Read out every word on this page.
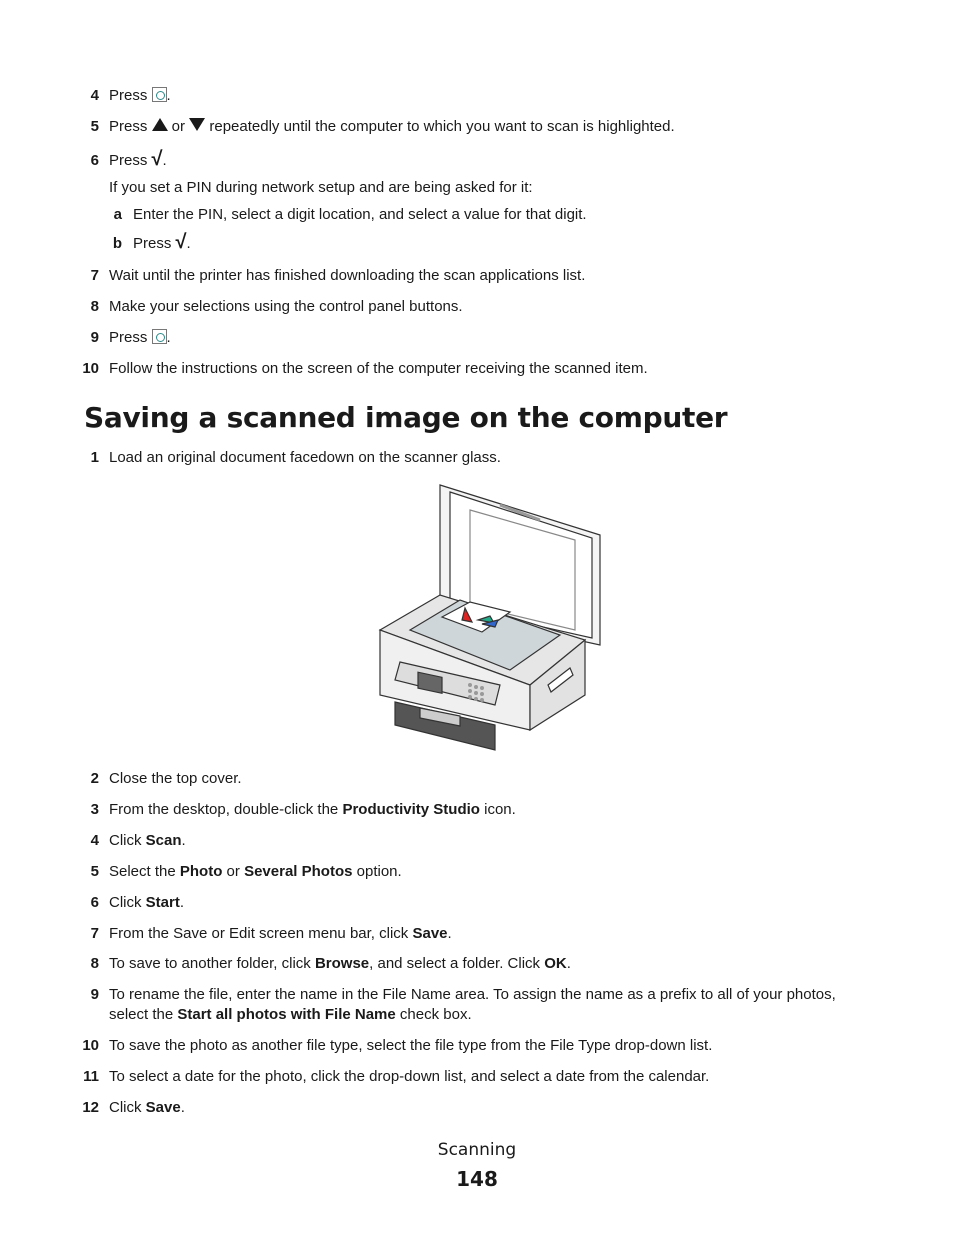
4 Press .
5 Press  or  repeatedly until the computer to which you want to scan is highlighted.
6 Press √.
If you set a PIN during network setup and are being asked for it:
a Enter the PIN, select a digit location, and select a value for that digit.
b Press √.
7 Wait until the printer has finished downloading the scan applications list.
8 Make your selections using the control panel buttons.
9 Press .
10 Follow the instructions on the screen of the computer receiving the scanned item.
Saving a scanned image on the computer
1 Load an original document facedown on the scanner glass.
2 Close the top cover.
3 From the desktop, double-click the Productivity Studio icon.
4 Click Scan.
5 Select the Photo or Several Photos option.
6 Click Start.
7 From the Save or Edit screen menu bar, click Save.
8 To save to another folder, click Browse, and select a folder. Click OK.
9 To rename the file, enter the name in the File Name area. To assign the name as a prefix to all of your photos, select the Start all photos with File Name check box.
10 To save the photo as another file type, select the file type from the File Type drop-down list.
11 To select a date for the photo, click the drop-down list, and select a date from the calendar.
12 Click Save.
Scanning
148
